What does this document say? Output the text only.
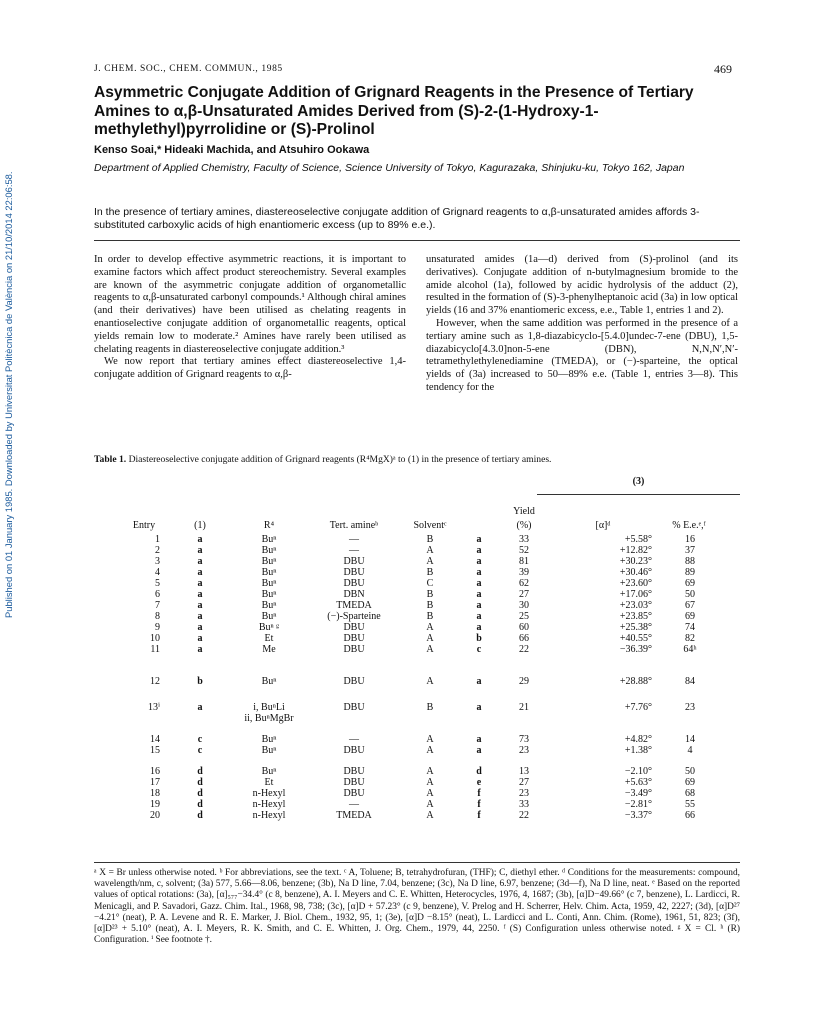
Published on 01 January 1985. Downloaded by Universitat Politècnica de València on 21/10/2014 22:06:58.
J. CHEM. SOC., CHEM. COMMUN., 1985	469
Asymmetric Conjugate Addition of Grignard Reagents in the Presence of Tertiary Amines to α,β-Unsaturated Amides Derived from (S)-2-(1-Hydroxy-1-methylethyl)pyrrolidine or (S)-Prolinol
Kenso Soai,* Hideaki Machida, and Atsuhiro Ookawa
Department of Applied Chemistry, Faculty of Science, Science University of Tokyo, Kagurazaka, Shinjuku-ku, Tokyo 162, Japan
In the presence of tertiary amines, diastereoselective conjugate addition of Grignard reagents to α,β-unsaturated amides affords 3-substituted carboxylic acids of high enantiomeric excess (up to 89% e.e.).

In order to develop effective asymmetric reactions, it is important to examine factors which affect product stereochemistry. Several examples are known of the asymmetric conjugate addition of organometallic reagents to α,β-unsaturated carbonyl compounds.¹ Although chiral amines (and their derivatives) have been utilised as chelating reagents in enantioselective conjugate addition of organometallic reagents, optical yields remain low to moderate.² Amines have rarely been utilised as chelating reagents in diastereoselective conjugate addition.³

We now report that tertiary amines effect diastereoselective 1,4-conjugate addition of Grignard reagents to α,β-

unsaturated amides (1a—d) derived from (S)-prolinol (and its derivatives). Conjugate addition of n-butylmagnesium bromide to the amide alcohol (1a), followed by acidic hydrolysis of the adduct (2), resulted in the formation of (S)-3-phenylheptanoic acid (3a) in low optical yields (16 and 37% enantiomeric excess, e.e., Table 1, entries 1 and 2).

However, when the same addition was performed in the presence of a tertiary amine such as 1,8-diazabicyclo-[5.4.0]undec-7-ene (DBU), 1,5-diazabicyclo[4.3.0]non-5-ene (DBN), N,N,N′,N′-tetramethylethylenediamine (TMEDA), or (−)-sparteine, the optical yields of (3a) increased to 50—89% e.e. (Table 1, entries 3—8). This tendency for the

Table 1. Diastereoselective conjugate addition of Grignard reagents (R⁴MgX)ᵃ to (1) in the presence of tertiary amines.
(3)
Yield
Entry	(1)	R⁴	Tert. amineᵇ	Solventᶜ	(%)	[α]ᵈ	% E.e.ᵉ,ᶠ
1	a	Buⁿ	—	B	a	33	+5.58°	16
2	a	Buⁿ	—	A	a	52	+12.82°	37
3	a	Buⁿ	DBU	A	a	81	+30.23°	88
4	a	Buⁿ	DBU	B	a	39	+30.46°	89
5	a	Buⁿ	DBU	C	a	62	+23.60°	69
6	a	Buⁿ	DBN	B	a	27	+17.06°	50
7	a	Buⁿ	TMEDA	B	a	30	+23.03°	67
8	a	Buⁿ	(−)-Sparteine	B	a	25	+23.85°	69
9	a	Buⁿ ᵍ	DBU	A	a	60	+25.38°	74
10	a	Et	DBU	A	b	66	+40.55°	82
11	a	Me	DBU	A	c	22	−36.39°	64ʰ
12	b	Buⁿ	DBU	A	a	29	+28.88°	84
13ⁱ	a	i, BuⁿLi	DBU	B	a	21	+7.76°	23
ii, BuⁿMgBr
14	c	Buⁿ	—	A	a	73	+4.82°	14
15	c	Buⁿ	DBU	A	a	23	+1.38°	4
16	d	Buⁿ	DBU	A	d	13	−2.10°	50
17	d	Et	DBU	A	e	27	+5.63°	69
18	d	n-Hexyl	DBU	A	f	23	−3.49°	68
19	d	n-Hexyl	—	A	f	33	−2.81°	55
20	d	n-Hexyl	TMEDA	A	f	22	−3.37°	66
ᵃ X = Br unless otherwise noted. ᵇ For abbreviations, see the text. ᶜ A, Toluene; B, tetrahydrofuran, (THF); C, diethyl ether. ᵈ Conditions for the measurements: compound, wavelength/nm, c, solvent; (3a) 577, 5.66—8.06, benzene; (3b), Na D line, 7.04, benzene; (3c), Na D line, 6.97, benzene; (3d—f), Na D line, neat. ᵉ Based on the reported values of optical rotations: (3a), [α]₅₇₇−34.4° (c 8, benzene), A. I. Meyers and C. E. Whitten, Heterocycles, 1976, 4, 1687; (3b), [α]D−49.66° (c 7, benzene), L. Lardicci, R. Menicagli, and P. Savadori, Gazz. Chim. Ital., 1968, 98, 738; (3c), [α]D + 57.23° (c 9, benzene), V. Prelog and H. Scherrer, Helv. Chim. Acta, 1959, 42, 2227; (3d), [α]D²⁷ −4.21° (neat), P. A. Levene and R. E. Marker, J. Biol. Chem., 1932, 95, 1; (3e), [α]D −8.15° (neat), L. Lardicci and L. Conti, Ann. Chim. (Rome), 1961, 51, 823; (3f), [α]D²³ + 5.10° (neat), A. I. Meyers, R. K. Smith, and C. E. Whitten, J. Org. Chem., 1979, 44, 2250. ᶠ (S) Configuration unless otherwise noted. ᵍ X = Cl. ʰ (R) Configuration. ⁱ See footnote †.
